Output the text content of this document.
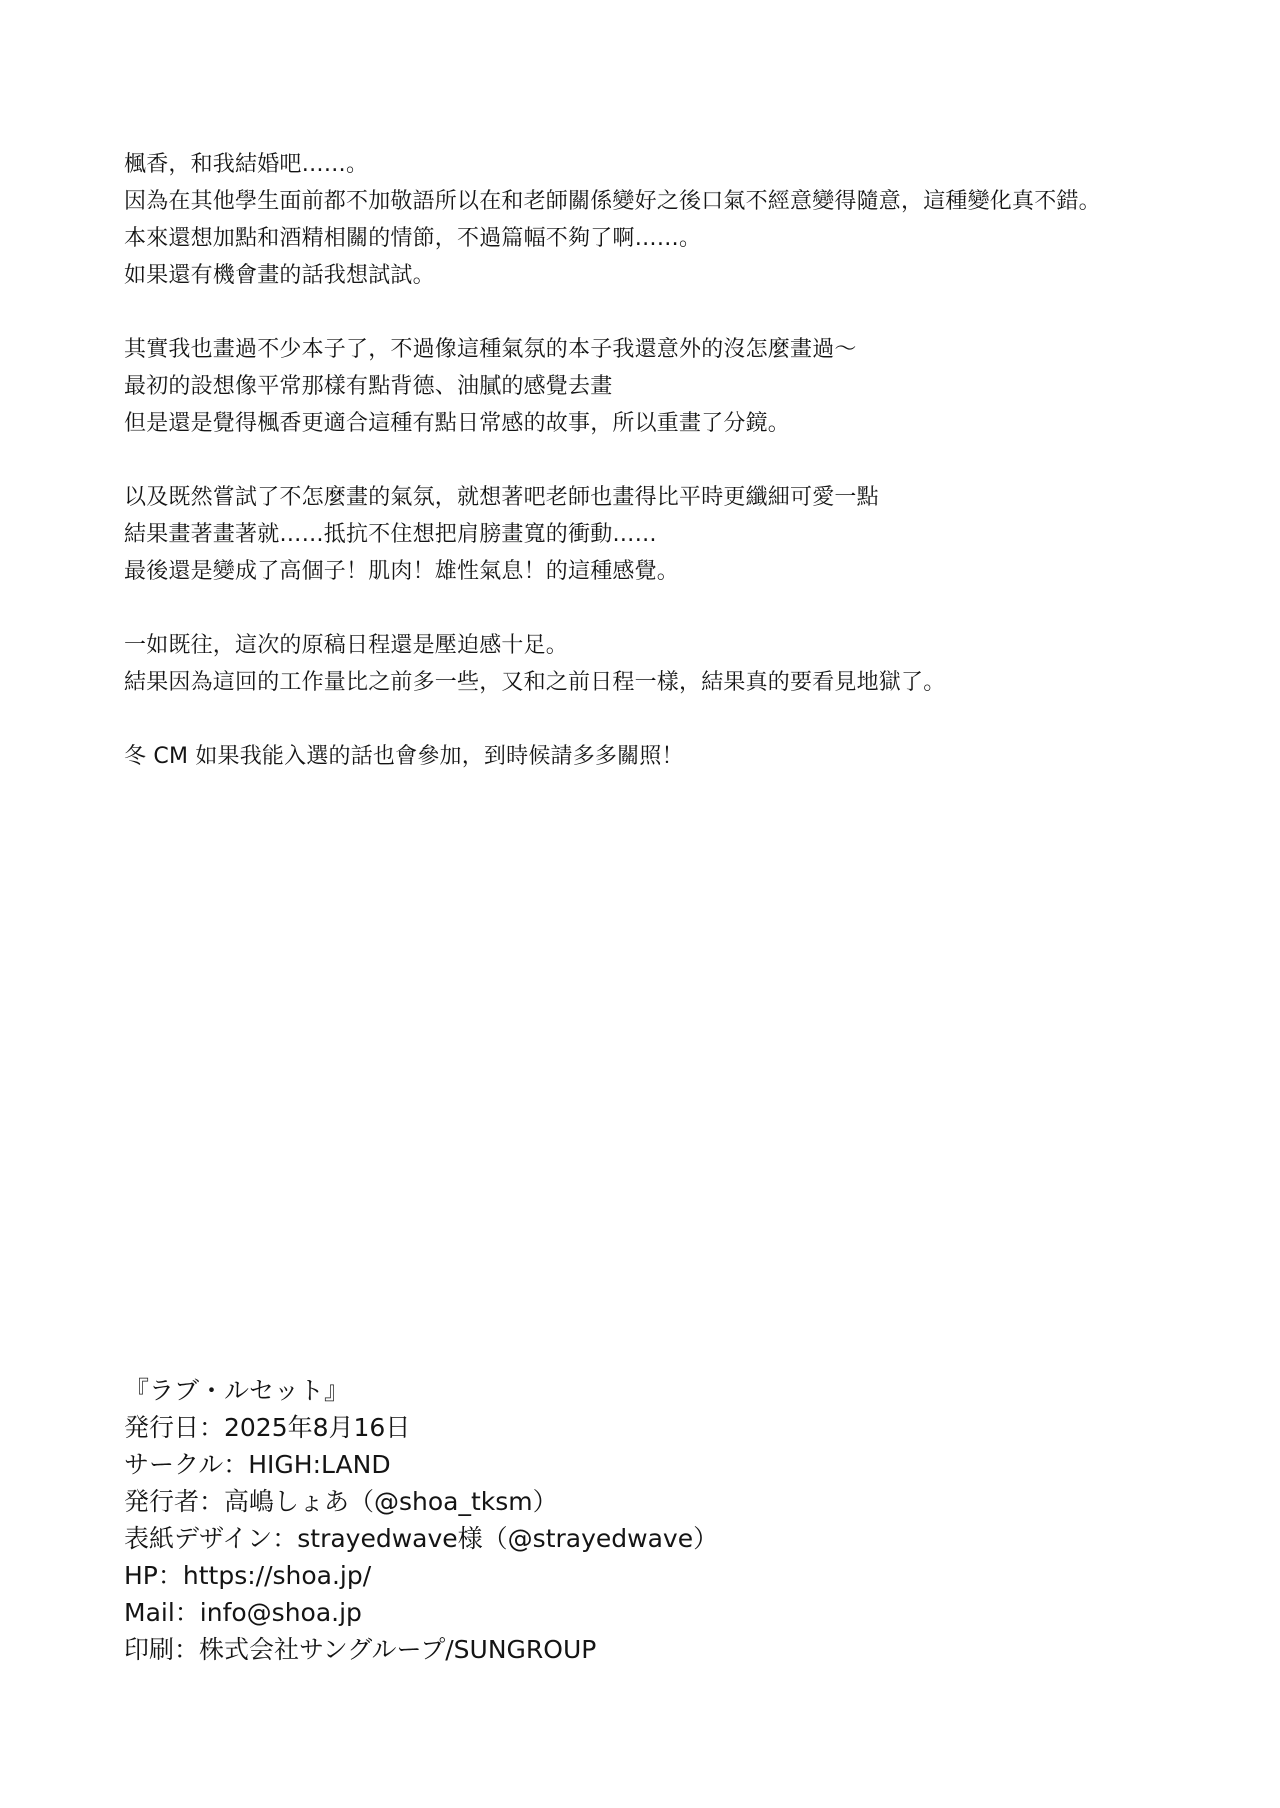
楓香，和我結婚吧……。
因為在其他學生面前都不加敬語所以在和老師關係變好之後口氣不經意變得隨意，這種變化真不錯。
本來還想加點和酒精相關的情節，不過篇幅不夠了啊……。
如果還有機會畫的話我想試試。
其實我也畫過不少本子了，不過像這種氣氛的本子我還意外的沒怎麼畫過～
最初的設想像平常那樣有點背德、油膩的感覺去畫
但是還是覺得楓香更適合這種有點日常感的故事，所以重畫了分鏡。
以及既然嘗試了不怎麼畫的氣氛，就想著吧老師也畫得比平時更纖細可愛一點
結果畫著畫著就……抵抗不住想把肩膀畫寬的衝動……
最後還是變成了高個子！肌肉！雄性氣息！的這種感覺。
一如既往，這次的原稿日程還是壓迫感十足。
結果因為這回的工作量比之前多一些，又和之前日程一樣，結果真的要看見地獄了。
冬 CM 如果我能入選的話也會參加，到時候請多多關照！
『ラブ・ルセット』
発行日：2025年8月16日
サークル：HIGH:LAND
発行者：高嶋しょあ（@shoa_tksm）
表紙デザイン：strayedwave様（@strayedwave）
HP：https://shoa.jp/
Mail：info@shoa.jp
印刷：株式会社サングループ/SUNGROUP
